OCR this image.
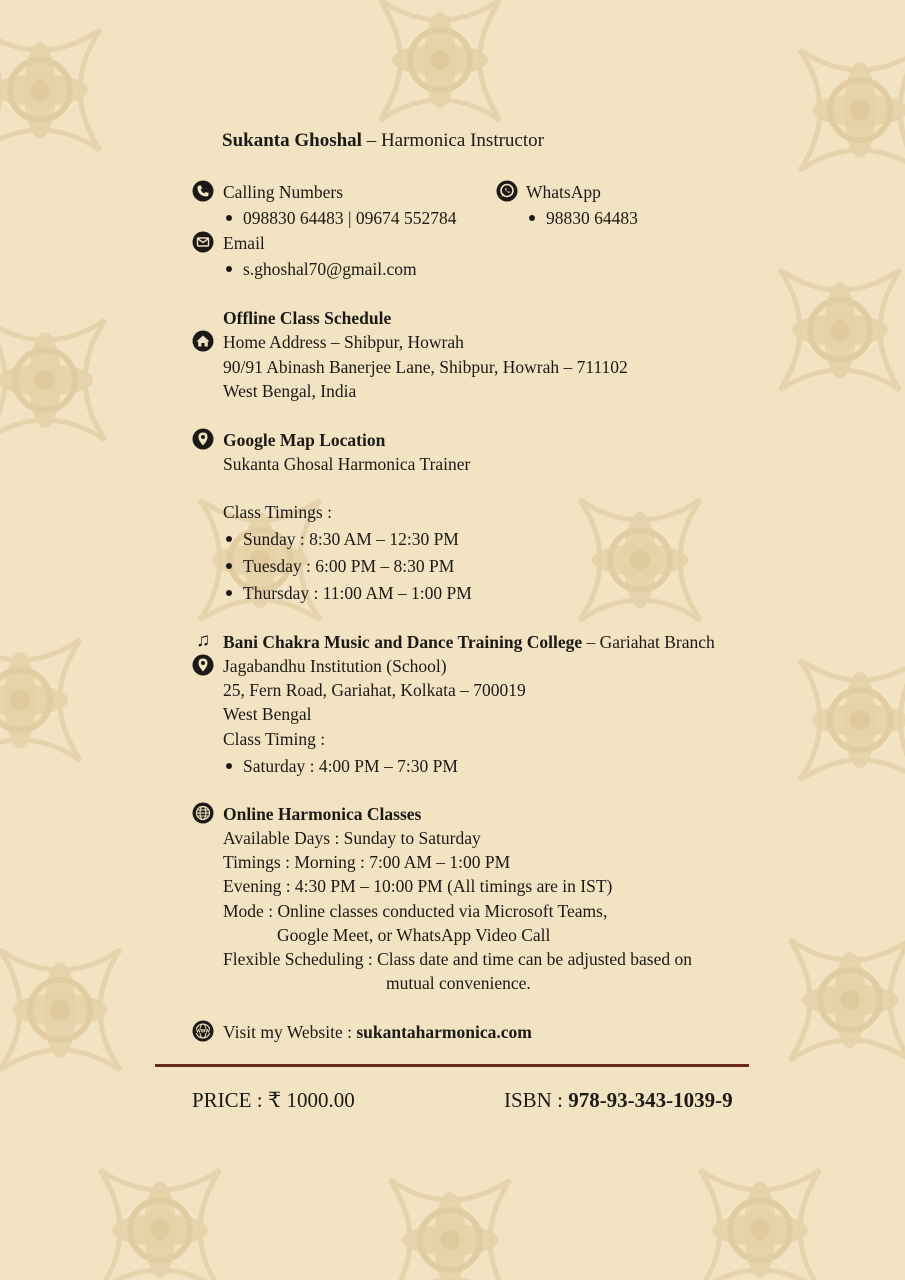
Sukanta Ghoshal – Harmonica Instructor
Calling Numbers
098830 64483 | 09674 552784
WhatsApp
98830 64483
Email
s.ghoshal70@gmail.com
Offline Class Schedule
Home Address – Shibpur, Howrah
90/91 Abinash Banerjee Lane, Shibpur, Howrah – 711102
West Bengal, India
Google Map Location
Sukanta Ghosal Harmonica Trainer
Class Timings :
Sunday : 8:30 AM – 12:30 PM
Tuesday : 6:00 PM – 8:30 PM
Thursday : 11:00 AM – 1:00 PM
♫ Bani Chakra Music and Dance Training College – Gariahat Branch
Jagabandhu Institution (School)
25, Fern Road, Gariahat, Kolkata – 700019
West Bengal
Class Timing :
Saturday : 4:00 PM – 7:30 PM
Online Harmonica Classes
Available Days : Sunday to Saturday
Timings : Morning : 7:00 AM – 1:00 PM
Evening : 4:30 PM – 10:00 PM (All timings are in IST)
Mode : Online classes conducted via Microsoft Teams,
Google Meet, or WhatsApp Video Call
Flexible Scheduling : Class date and time can be adjusted based on
mutual convenience.
WWW Visit my Website : sukantaharmonica.com
PRICE : ₹ 1000.00	ISBN : 978-93-343-1039-9
